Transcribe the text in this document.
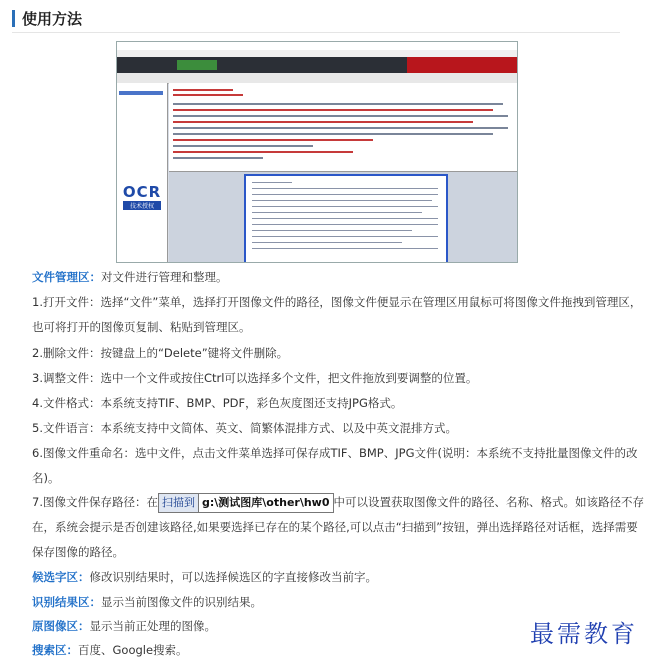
使用方法
OCR
技术授权
文件管理区：对文件进行管理和整理。
1.打开文件：选择“文件”菜单，选择打开图像文件的路径，图像文件便显示在管理区用鼠标可将图像文件拖拽到管理区，也可将打开的图像页复制、粘贴到管理区。
2.删除文件：按键盘上的“Delete”键将文件删除。
3.调整文件：选中一个文件或按住Ctrl可以选择多个文件，把文件拖放到要调整的位置。
4.文件格式：本系统支持TIF、BMP、PDF，彩色灰度图还支持JPG格式。
5.文件语言：本系统支持中文简体、英文、简繁体混排方式、以及中英文混排方式。
6.图像文件重命名：选中文件，点击文件菜单选择可保存成TIF、BMP、JPG文件(说明：本系统不支持批量图像文件的改名)。
7.图像文件保存路径：在 扫描到 g:\测试图库\other\hw0 中可以设置获取图像文件的路径、名称、格式。如该路径不存在，系统会提示是否创建该路径,如果要选择已存在的某个路径,可以点击“扫描到”按钮，弹出选择路径对话框，选择需要保存图像的路径。
候选字区：修改识别结果时，可以选择候选区的字直接修改当前字。
识别结果区：显示当前图像文件的识别结果。
原图像区：显示当前正处理的图像。
搜索区：百度、Google搜索。
最需教育
